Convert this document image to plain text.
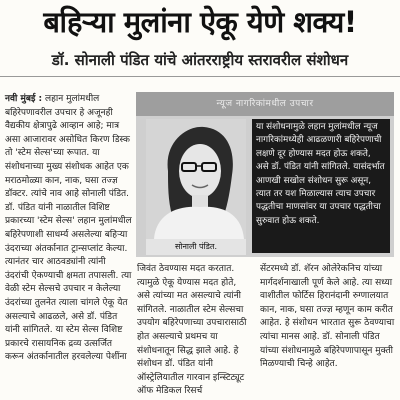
बहिऱ्या मुलांना ऐकू येणे शक्य!
डॉ. सोनाली पंडित यांचे आंतरराष्ट्रीय स्तरावरील संशोधन

नवी मुंबई : लहान मुलांमधील बहिरेपणावरील उपचार हे अजूनही वैद्यकीय क्षेत्रापुढे आव्हान आहे; मात्र असा आजारावर असोधित किरण डिस्क तो 'स्टेम सेल्स'च्या रूपात. या संशोधनाच्या मुख्य संशोधक आहेत एक मराठमोळ्या कान, नाक, घसा तज्ज्ञ डॉक्टर. त्यांचे नाव आहे सोनाली पंडित. डॉ. पंडित यांनी नाळातील विशिष्ट प्रकारच्या 'स्टेम सेल्स' लहान मुलांमधील बहिरेपणाशी साधर्म्य असलेल्या बहिऱ्या उंदराच्या अंतर्कानात ट्रान्सप्लांट केल्या. त्यानंतर चार आठवड्यांनी त्यांनी उंदरांची ऐकण्याची क्षमता तपासली. त्या वेळी स्टेम सेल्सचे उपचार न केलेल्या उंदरांच्या तुलनेत त्याला चांगले ऐकू येत असल्याचे आढळले, असे डॉ. पंडित यांनी सांगितले. या स्टेम सेल्स विशिष्ट प्रकारचे रासायनिक द्रव्य उत्सर्जित करून अंतर्कानातील हरवलेल्या पेशींना

न्यूज नागरिकांमधील उपचार
सोनाली पंडित.
या संशोधनामुळे लहान मुलांमधील न्यूज नागरिकांमध्येही आढळणारी बहिरेपणाची लक्षणे दूर होण्यास मदत होऊ शकते, असे डॉ. पंडित यांनी सांगितले. यासंदर्भात आणखी सखोल संशोधन सुरू असून, त्यात तर यश मिळाल्यास त्याच उपचार पद्धतीचा माणसांवर या उपचार पद्धतीचा सुरुवात होऊ शकते.
जिवंत ठेवण्यास मदत करतात. त्यामुळे ऐकू येण्यास मदत होते, असे त्यांच्या मत असल्याचे त्यांनी सांगितले. नाळातील स्टेम सेल्सचा उपयोग बहिरेपणाच्या उपचारासाठी होत असल्याचे प्रथमच या संशोधनातून सिद्ध झाले आहे. हे संशोधन डॉ. पंडित यांनी ऑस्ट्रेलियातील गारवान इन्स्टिट्यूट ऑफ मेडिकल रिसर्च
सेंटरमध्ये डॉ. शॅरन ओलेरेकनिच यांच्या मार्गदर्शनाखाली पूर्ण केले आहे. त्या सध्या वाशीतील फोर्टिस हिरानंदानी रुग्णालयात कान, नाक, घसा तज्ज्ञ म्हणून काम करीत आहेत. हे संशोधन भारतात सुरू ठेवण्याचा त्यांचा मानस आहे. डॉ. सोनाली पंडित यांच्या संशोधनामुळे बहिरेपणापासून मुक्ती मिळण्याची चिन्हे आहेत.
